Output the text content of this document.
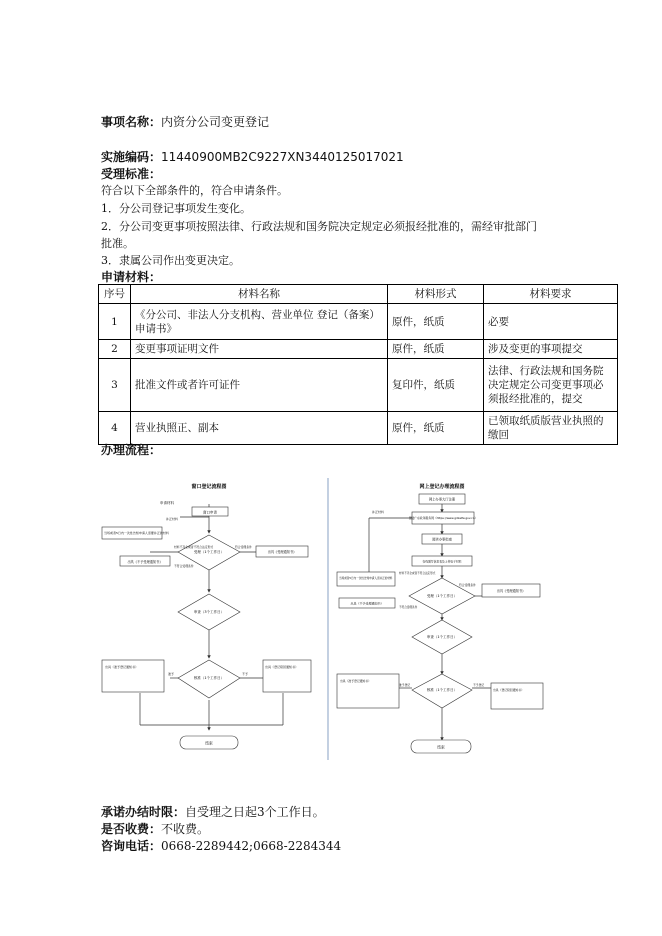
事项名称：内资分公司变更登记
实施编码：11440900MB2C9227XN3440125017021
受理标准：
符合以下全部条件的，符合申请条件。
1．分公司登记事项发生变化。
2．分公司变更事项按照法律、行政法规和国务院决定规定必须报经批准的，需经审批部门
批准。
3．隶属公司作出变更决定。
申请材料：
序号	材料名称	材料形式	材料要求
1	《分公司、非法人分支机构、营业单位 登记（备案）申请书》	原件，纸质	必要
2	变更事项证明文件	原件，纸质	涉及变更的事项提交
3	批准文件或者许可证件	复印件，纸质	法律、行政法规和国务院决定规定公司变更事项必须报经批准的，提交
4	营业执照正、副本	原件，纸质	已领取纸质版营业执照的缴回
办理流程：
窗口登记流程图
申请材料
窗口申请
当场或者5日内一次性告知申请人需要补正的材料
受理（1个工作日）	出具《受理通知书》
出具《不予受理通知书》
审查（3个工作日）
核准（1个工作日）
出具《准予登记通知书》	出具《登记驳回通知书》
结束
补正材料
材料不齐全或者不符合法定形式	符合受理条件
不符合受理条件
准予	不予
网上登记办理流程图
网上办事大厅注册
登陆广东政务服务网（https://www.gdzwfw.gov.cn）
阅读办事指南
在线填写信息表及上传电子材料
当场或者5日内一次性告知申请人需补正的材料
受理（1个工作日）
出具《受理通知书》
出具《不予受理通知书》
审查（1个工作日）
核准（1个工作日）
出具《准予登记通知书》
出具《登记驳回通知书》
结束
补正材料
材料不齐全或者不符合法定形式
符合受理条件
不符合受理条件
准予登记	不予登记
承诺办结时限：自受理之日起3个工作日。
是否收费：不收费。
咨询电话：0668-2289442;0668-2284344
